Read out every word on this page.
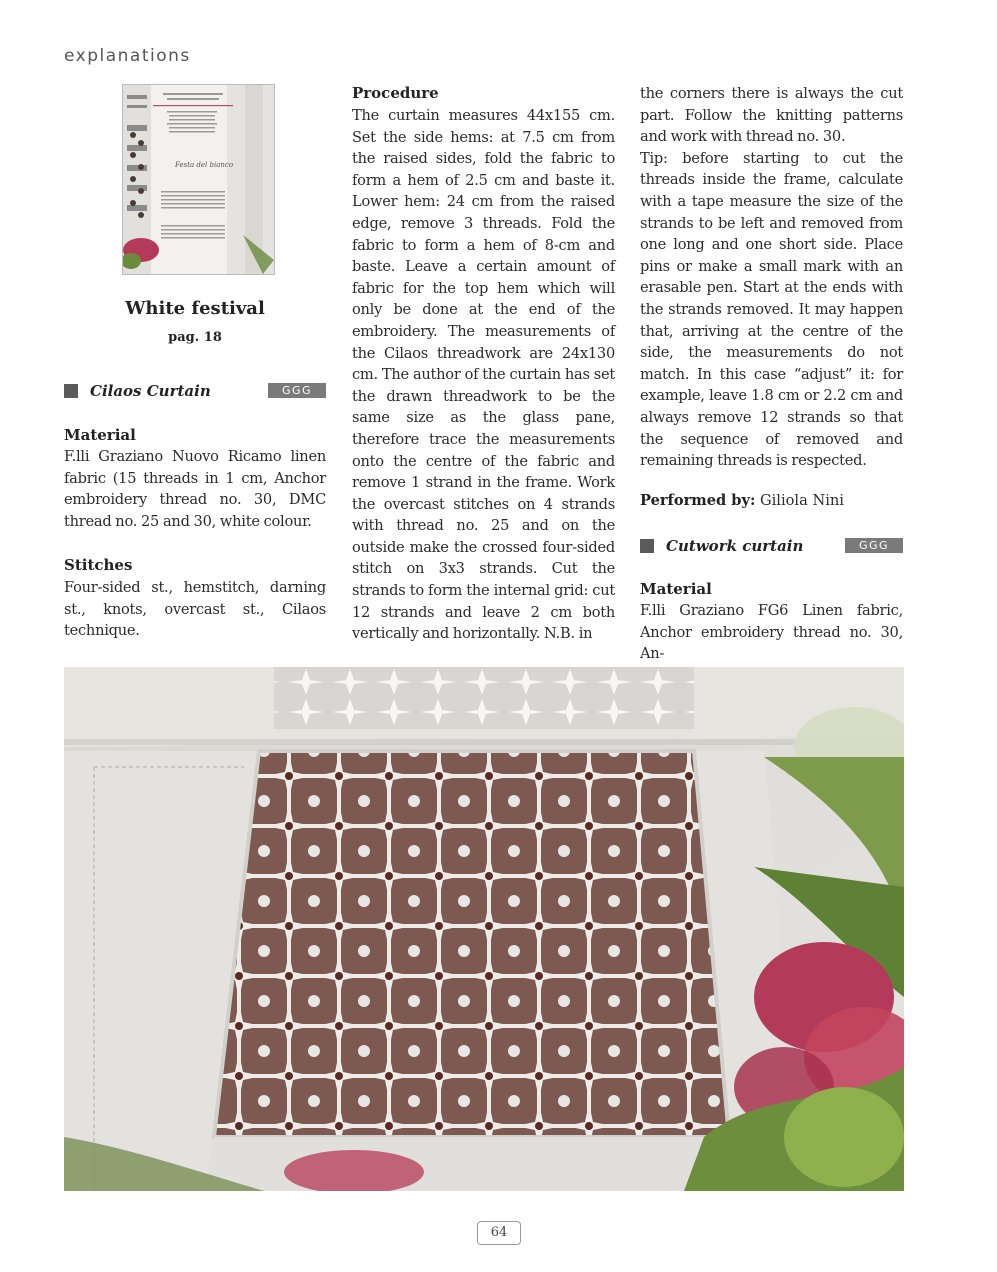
explanations
Festa del bianco
White festival
pag. 18
Cilaos Curtain	GGG
Material
F.lli Graziano Nuovo Ricamo linen fabric (15 threads in 1 cm, Anchor embroidery thread no. 30, DMC thread no. 25 and 30, white colour.
Stitches
Four-sided st., hemstitch, darning st., knots, overcast st., Cilaos technique.
Procedure
The curtain measures 44x155 cm. Set the side hems: at 7.5 cm from the raised sides, fold the fabric to form a hem of 2.5 cm and baste it. Lower hem: 24 cm from the raised edge, remove 3 threads. Fold the fabric to form a hem of 8-cm and baste. Leave a certain amount of fabric for the top hem which will only be done at the end of the embroidery. The measurements of the Cilaos threadwork are 24x130 cm. The author of the curtain has set the drawn threadwork to be the same size as the glass pane, therefore trace the measurements onto the centre of the fabric and remove 1 strand in the frame. Work the overcast stitches on 4 strands with thread no. 25 and on the outside make the crossed four-sided stitch on 3x3 strands. Cut the strands to form the internal grid: cut 12 strands and leave 2 cm both vertically and horizontally. N.B. in

the corners there is always the cut part. Follow the knitting patterns and work with thread no. 30.

Tip: before starting to cut the threads inside the frame, calculate with a tape measure the size of the strands to be left and removed from one long and one short side. Place pins or make a small mark with an erasable pen. Start at the ends with the strands removed. It may happen that, arriving at the centre of the side, the measurements do not match. In this case “adjust” it: for example, leave 1.8 cm or 2.2 cm and always remove 12 strands so that the sequence of removed and remaining threads is respected.

Performed by: Giliola Nini
Cutwork curtain	GGG
Material
F.lli Graziano FG6 Linen fabric, Anchor embroidery thread no. 30, An-
64
